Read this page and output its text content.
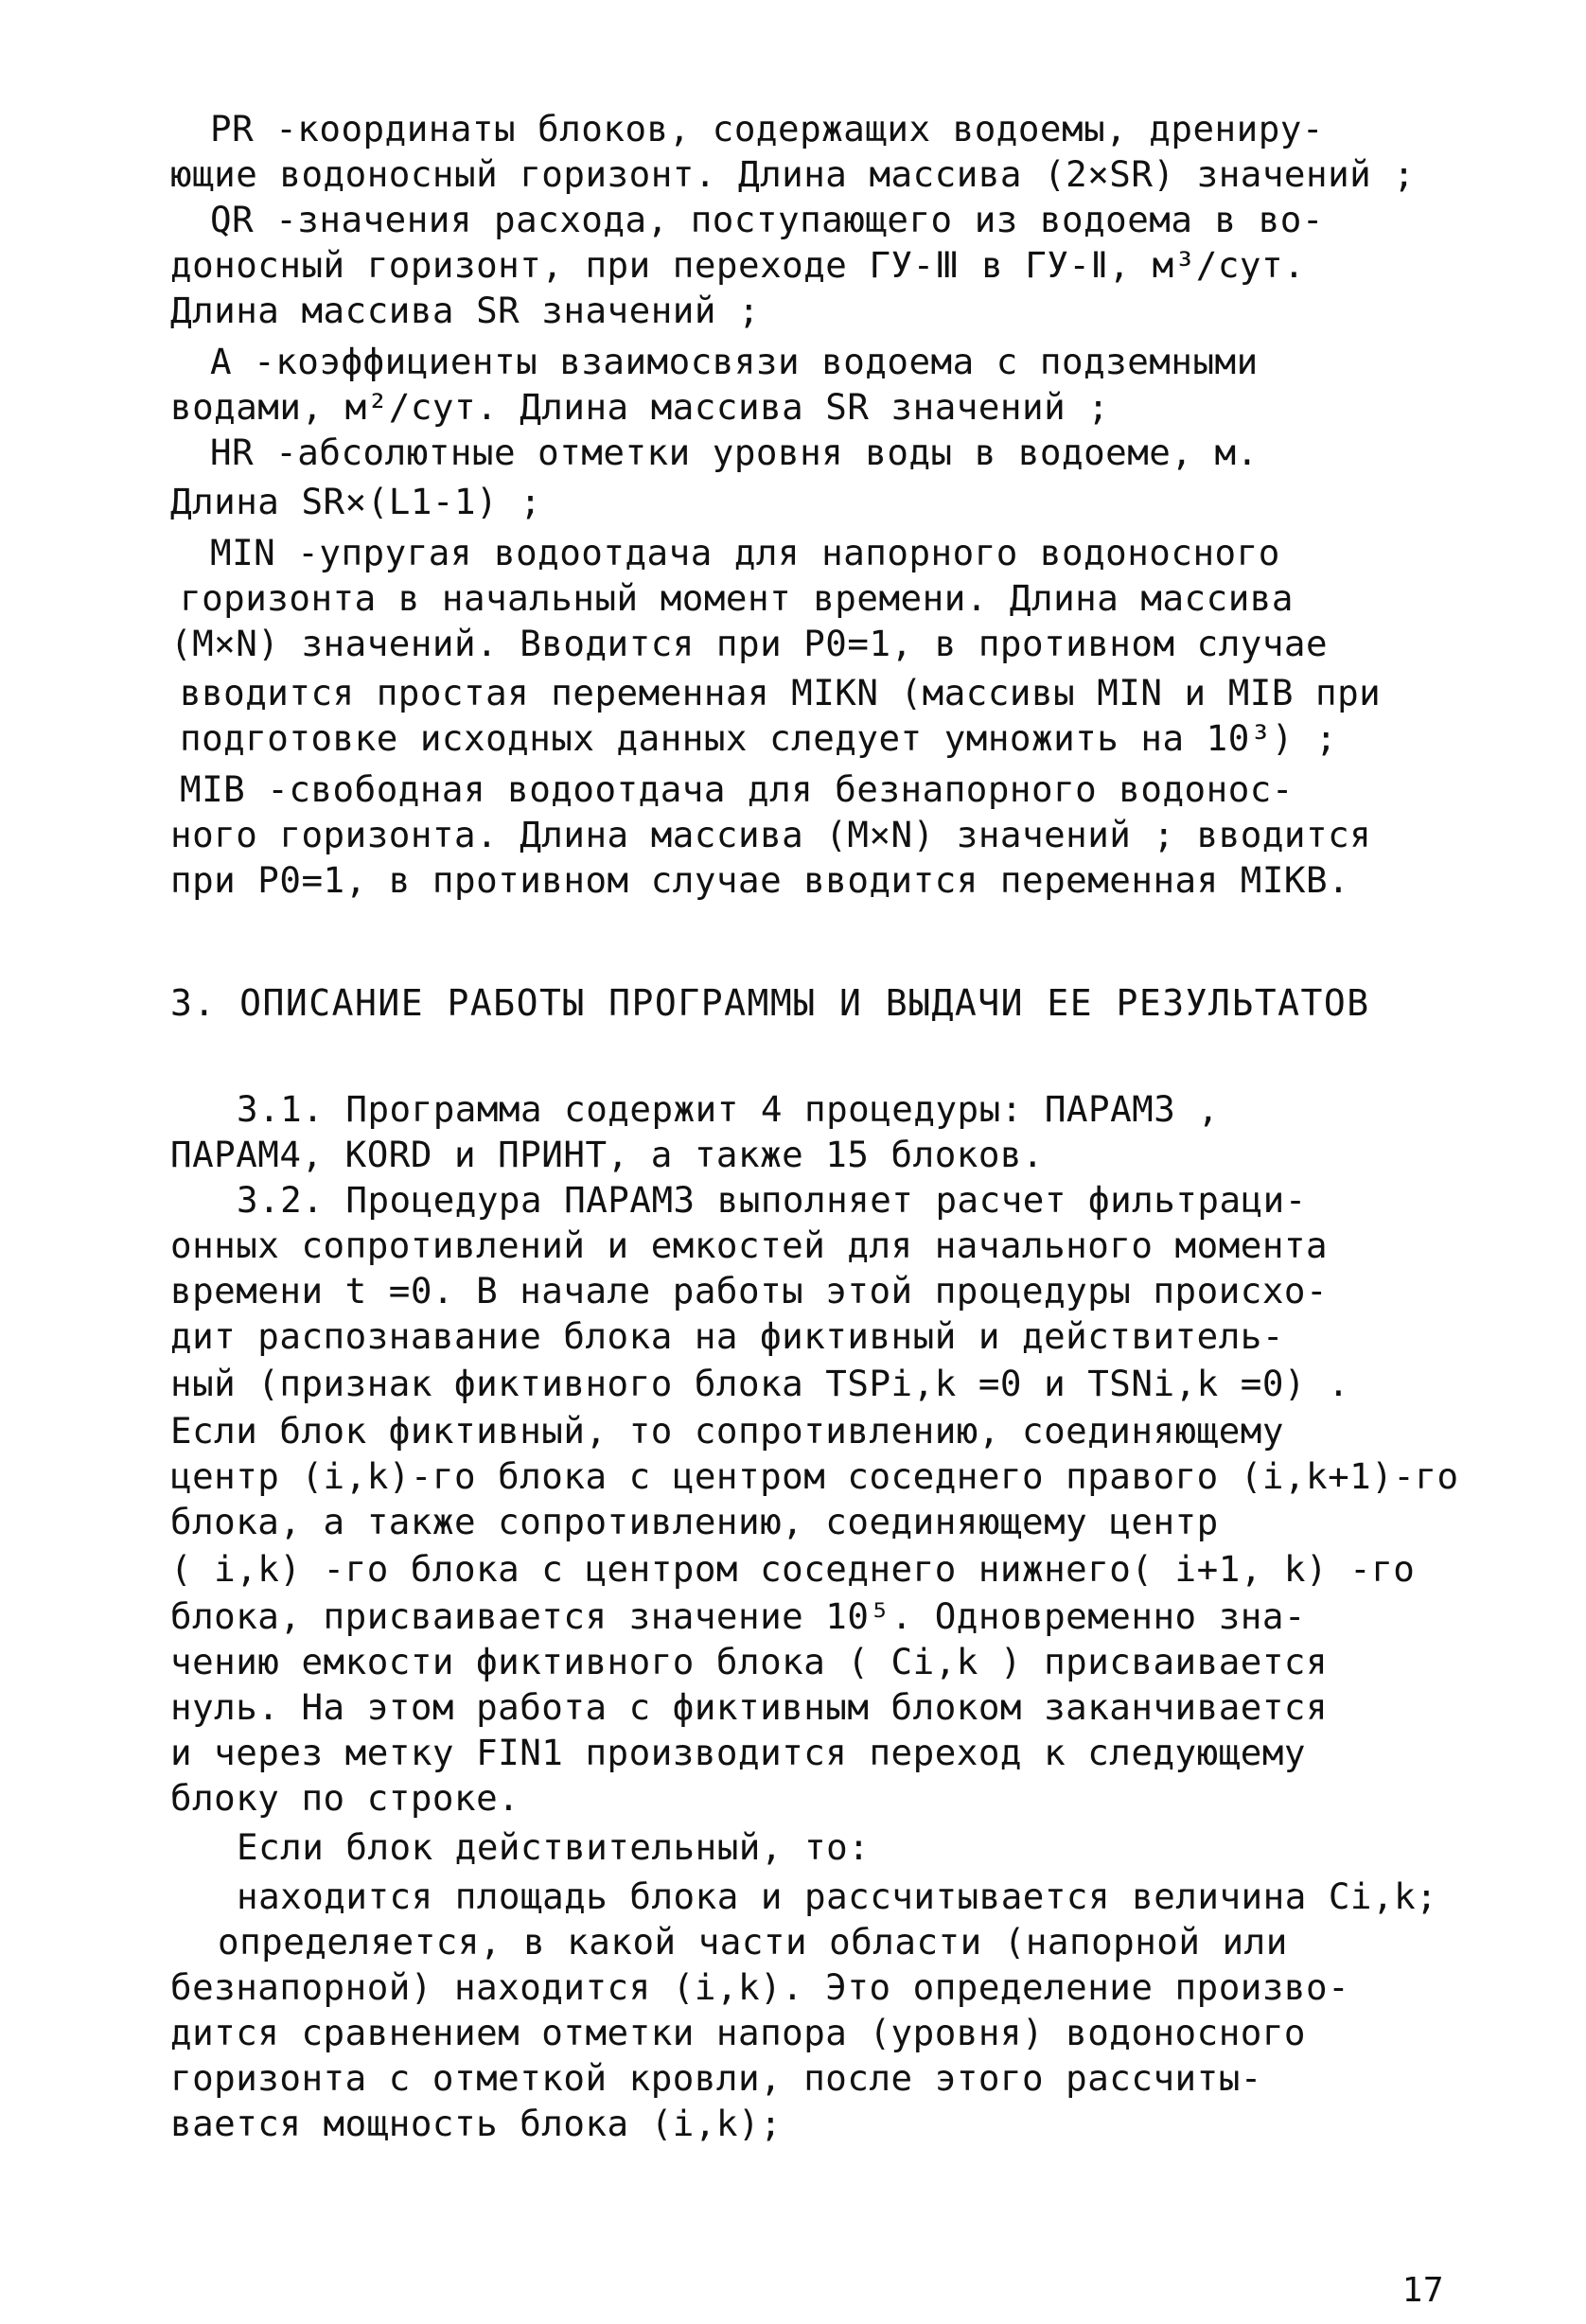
PR -координаты блоков, содержащих водоемы, дрениру-
ющие водоносный горизонт. Длина массива (2×SR) значений ;
QR -значения расхода, поступающего из водоема в во-
доносный горизонт, при переходе ГУ-Ⅲ в ГУ-Ⅱ, м³/сут.
Длина массива SR значений ;
A -коэффициенты взаимосвязи водоема с подземными
водами, м²/сут. Длина массива SR значений ;
HR -абсолютные отметки уровня воды в водоеме, м.
Длина SR×(L1-1) ;
MIN -упругая водоотдача для напорного водоносного
горизонта в начальный момент времени. Длина массива
(M×N) значений. Вводится при P0=1, в противном случае
вводится простая переменная MIKN (массивы MIN и MIB при
подготовке исходных данных следует умножить на 10³) ;
MIB -свободная водоотдача для безнапорного водонос-
ного горизонта. Длина массива (M×N) значений ; вводится
при P0=1, в противном случае вводится переменная MIKB.
3. ОПИСАНИЕ РАБОТЫ ПРОГРАММЫ И ВЫДАЧИ ЕЕ РЕЗУЛЬТАТОВ
3.1. Программа содержит 4 процедуры: ПАРАМ3 ,
ПАРАМ4, KORD и ПРИНТ, а также 15 блоков.
3.2. Процедура ПАРАМ3 выполняет расчет фильтраци-
онных сопротивлений и емкостей для начального момента
времени t =0. В начале работы этой процедуры происхо-
дит распознавание блока на фиктивный и действитель-
ный (признак фиктивного блока TSPi,k =0 и TSNi,k =0) .
Если блок фиктивный, то сопротивлению, соединяющему
центр (i,k)-го блока с центром соседнего правого (i,k+1)-го
блока, а также сопротивлению, соединяющему центр
( i,k) -го блока с центром соседнего нижнего( i+1, k) -го
блока, присваивается значение 10⁵. Одновременно зна-
чению емкости фиктивного блока ( Ci,k ) присваивается
нуль. На этом работа с фиктивным блоком заканчивается
и через метку FIN1 производится переход к следующему
блоку по строке.
Если блок действительный, то:
находится площадь блока и рассчитывается величина Ci,k;
определяется, в какой части области (напорной или
безнапорной) находится (i,k). Это определение произво-
дится сравнением отметки напора (уровня) водоносного
горизонта с отметкой кровли, после этого рассчиты-
вается мощность блока (i,k);
17
